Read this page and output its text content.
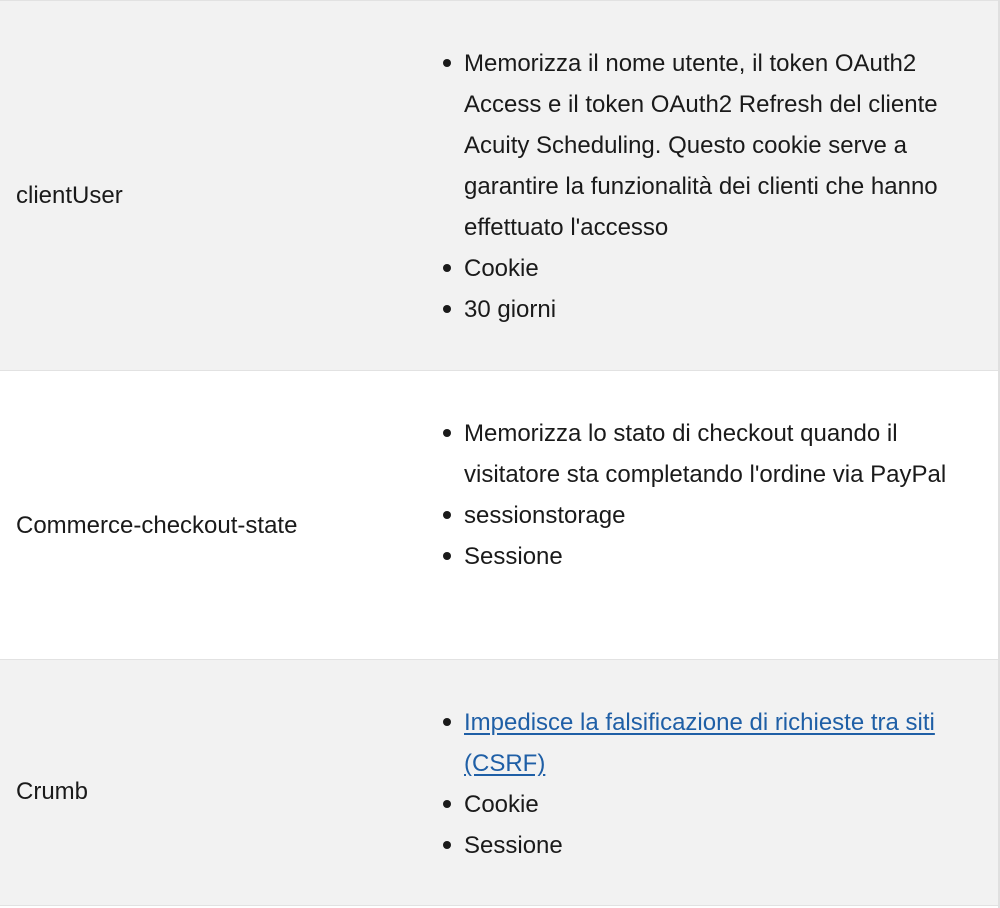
clientUser
Memorizza il nome utente, il token OAuth2 Access e il token OAuth2 Refresh del cliente Acuity Scheduling. Questo cookie serve a garantire la funzionalità dei clienti che hanno effettuato l'accesso
Cookie
30 giorni
Commerce-checkout-state
Memorizza lo stato di checkout quando il visitatore sta completando l'ordine via PayPal
sessionstorage
Sessione
Crumb
Impedisce la falsificazione di richieste tra siti (CSRF)
Cookie
Sessione
